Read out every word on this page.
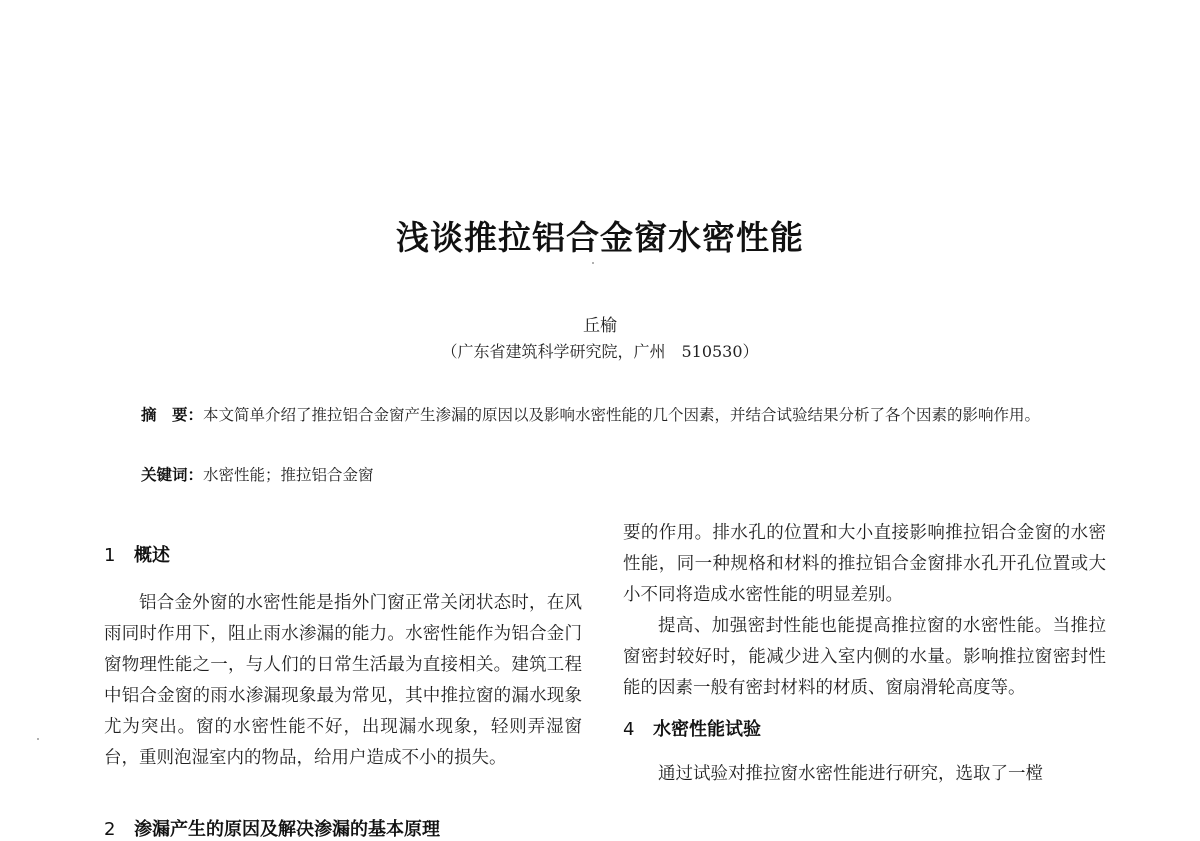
浅谈推拉铝合金窗水密性能
丘榆
（广东省建筑科学研究院，广州　510530）
摘　要：本文简单介绍了推拉铝合金窗产生渗漏的原因以及影响水密性能的几个因素，并结合试验结果分析了各个因素的影响作用。
关键词：水密性能；推拉铝合金窗
1 概述

铝合金外窗的水密性能是指外门窗正常关闭状态时，在风雨同时作用下，阻止雨水渗漏的能力。水密性能作为铝合金门窗物理性能之一，与人们的日常生活最为直接相关。建筑工程中铝合金窗的雨水渗漏现象最为常见，其中推拉窗的漏水现象尤为突出。窗的水密性能不好，出现漏水现象，轻则弄湿窗台，重则泡湿室内的物品，给用户造成不小的损失。

2 渗漏产生的原因及解决渗漏的基本原理

要的作用。排水孔的位置和大小直接影响推拉铝合金窗的水密性能，同一种规格和材料的推拉铝合金窗排水孔开孔位置或大小不同将造成水密性能的明显差别。

提高、加强密封性能也能提高推拉窗的水密性能。当推拉窗密封较好时，能减少进入室内侧的水量。影响推拉窗密封性能的因素一般有密封材料的材质、窗扇滑轮高度等。

4 水密性能试验

通过试验对推拉窗水密性能进行研究，选取了一樘
